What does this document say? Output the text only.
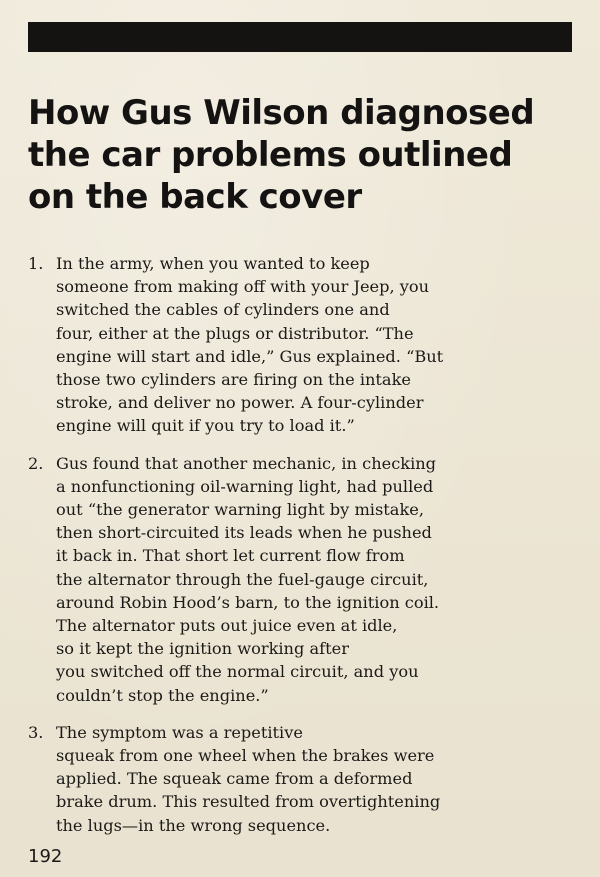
How Gus Wilson diagnosed
the car problems outlined
on the back cover
1. In the army, when you wanted to keep
someone from making off with your Jeep, you
switched the cables of cylinders one and
four, either at the plugs or distributor. “The
engine will start and idle,” Gus explained. “But
those two cylinders are firing on the intake
stroke, and deliver no power. A four-cylinder
engine will quit if you try to load it.”
2. Gus found that another mechanic, in checking
a nonfunctioning oil-warning light, had pulled
out “the generator warning light by mistake,
then short-circuited its leads when he pushed
it back in. That short let current flow from
the alternator through the fuel-gauge circuit,
around Robin Hood’s barn, to the ignition coil.
The alternator puts out juice even at idle,
so it kept the ignition working after
you switched off the normal circuit, and you
couldn’t stop the engine.”
3. The symptom was a repetitive
squeak from one wheel when the brakes were
applied. The squeak came from a deformed
brake drum. This resulted from overtightening
the lugs—in the wrong sequence.
192
